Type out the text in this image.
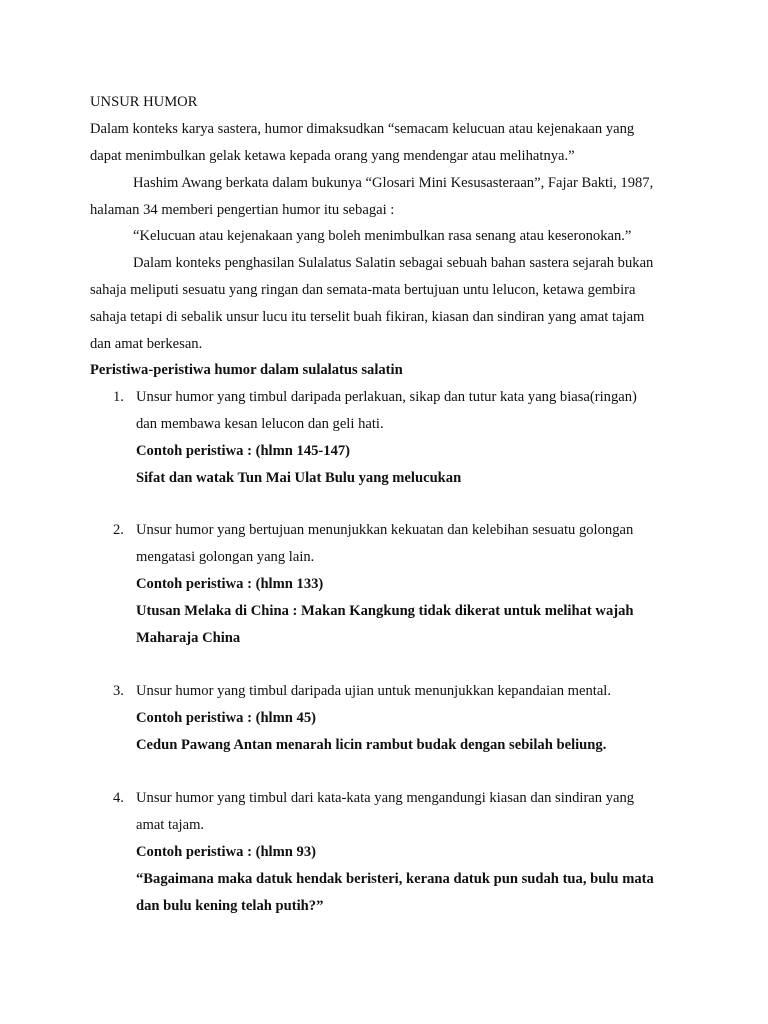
UNSUR HUMOR
Dalam konteks karya sastera, humor dimaksudkan “semacam kelucuan atau kejenakaan yang
dapat menimbulkan gelak ketawa kepada orang yang mendengar atau melihatnya.”
Hashim Awang berkata dalam bukunya “Glosari Mini Kesusasteraan”, Fajar Bakti, 1987,
halaman 34 memberi pengertian humor itu sebagai :
“Kelucuan atau kejenakaan yang boleh menimbulkan rasa senang atau keseronokan.”
Dalam konteks penghasilan Sulalatus Salatin sebagai sebuah bahan sastera sejarah bukan
sahaja meliputi sesuatu yang ringan dan semata-mata bertujuan untu lelucon, ketawa gembira
sahaja tetapi di sebalik unsur lucu itu terselit buah fikiran, kiasan dan sindiran yang amat tajam
dan amat berkesan.
Peristiwa-peristiwa humor dalam sulalatus salatin
1. Unsur humor yang timbul daripada perlakuan, sikap dan tutur kata yang biasa(ringan)
dan membawa kesan lelucon dan geli hati.
Contoh peristiwa : (hlmn 145-147)
Sifat dan watak Tun Mai Ulat Bulu yang melucukan
2. Unsur humor yang bertujuan menunjukkan kekuatan dan kelebihan sesuatu golongan
mengatasi golongan yang lain.
Contoh peristiwa : (hlmn 133)
Utusan Melaka di China : Makan Kangkung tidak dikerat untuk melihat wajah
Maharaja China
3. Unsur humor yang timbul daripada ujian untuk menunjukkan kepandaian mental.
Contoh peristiwa : (hlmn 45)
Cedun Pawang Antan menarah licin rambut budak dengan sebilah beliung.
4. Unsur humor yang timbul dari kata-kata yang mengandungi kiasan dan sindiran yang
amat tajam.
Contoh peristiwa : (hlmn 93)
“Bagaimana maka datuk hendak beristeri, kerana datuk pun sudah tua, bulu mata
dan bulu kening telah putih?”
